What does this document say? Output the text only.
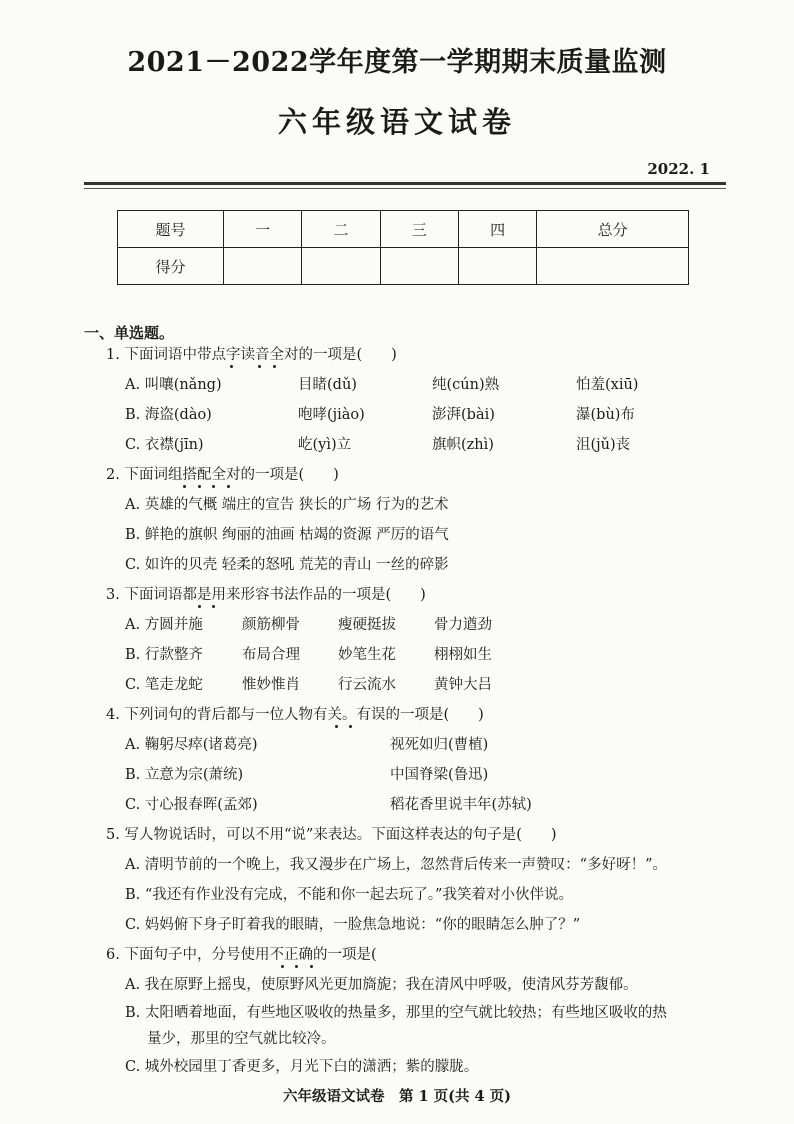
2021－2022学年度第一学期期末质量监测
六年级语文试卷
2022. 1
题号	一	二	三	四	总分
得分					
一、单选题。
1. 下面词语中带点字读音全对的一项是(　　)
A. 叫嚷(nǎng)	目睹(dǔ)	纯(cún)熟	怕羞(xiū)
B. 海盗(dào)	咆哮(jiào)	澎湃(bài)	瀑(bù)布
C. 衣襟(jīn)	屹(yì)立	旗帜(zhì)	沮(jǔ)丧
2. 下面词组搭配全对的一项是(　　)
A. 英雄的气概 端庄的宣告 狭长的广场 行为的艺术
B. 鲜艳的旗帜 绚丽的油画 枯竭的资源 严厉的语气
C. 如许的贝壳 轻柔的怒吼 荒芜的青山 一丝的碎影
3. 下面词语都是用来形容书法作品的一项是(　　)
A. 方圆并施	颜筋柳骨	瘦硬挺拔	骨力遒劲
B. 行款整齐	布局合理	妙笔生花	栩栩如生
C. 笔走龙蛇	惟妙惟肖	行云流水	黄钟大吕
4. 下列词句的背后都与一位人物有关。有误的一项是(　　)
A. 鞠躬尽瘁(诸葛亮)	视死如归(曹植)
B. 立意为宗(萧统)	中国脊梁(鲁迅)
C. 寸心报春晖(孟郊)	稻花香里说丰年(苏轼)
5. 写人物说话时，可以不用“说”来表达。下面这样表达的句子是(　　)
A. 清明节前的一个晚上，我又漫步在广场上，忽然背后传来一声赞叹：“多好呀！”。
B. “我还有作业没有完成，不能和你一起去玩了。”我笑着对小伙伴说。
C. 妈妈俯下身子盯着我的眼睛，一脸焦急地说：“你的眼睛怎么肿了？”
6. 下面句子中，分号使用不正确的一项是(
A. 我在原野上摇曳，使原野风光更加旖旎；我在清风中呼吸，使清风芬芳馥郁。
B. 太阳晒着地面，有些地区吸收的热量多，那里的空气就比较热；有些地区吸收的热
量少，那里的空气就比较冷。
C. 城外校园里丁香更多，月光下白的潇洒；紫的朦胧。
六年级语文试卷　第 1 页(共 4 页)
